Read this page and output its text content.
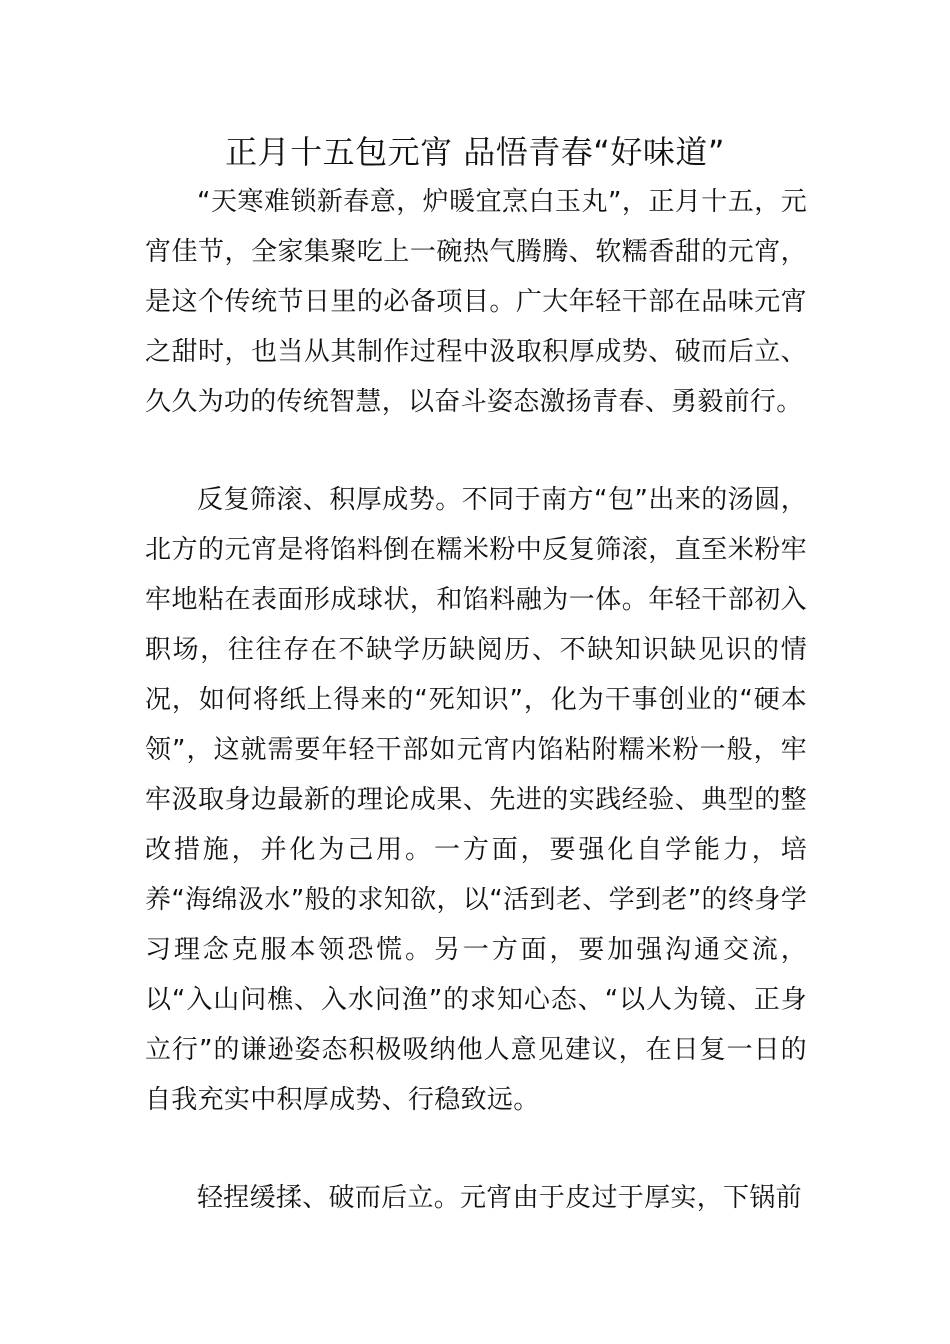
正月十五包元宵 品悟青春“好味道”

“天寒难锁新春意，炉暖宜烹白玉丸”，正月十五，元宵佳节，全家集聚吃上一碗热气腾腾、软糯香甜的元宵，是这个传统节日里的必备项目。广大年轻干部在品味元宵之甜时，也当从其制作过程中汲取积厚成势、破而后立、久久为功的传统智慧，以奋斗姿态激扬青春、勇毅前行。

反复筛滚、积厚成势。不同于南方“包”出来的汤圆，北方的元宵是将馅料倒在糯米粉中反复筛滚，直至米粉牢牢地粘在表面形成球状，和馅料融为一体。年轻干部初入职场，往往存在不缺学历缺阅历、不缺知识缺见识的情况，如何将纸上得来的“死知识”，化为干事创业的“硬本领”，这就需要年轻干部如元宵内馅粘附糯米粉一般，牢牢汲取身边最新的理论成果、先进的实践经验、典型的整改措施，并化为己用。一方面，要强化自学能力，培养“海绵汲水”般的求知欲，以“活到老、学到老”的终身学习理念克服本领恐慌。另一方面，要加强沟通交流，以“入山问樵、入水问渔”的求知心态、“以人为镜、正身立行”的谦逊姿态积极吸纳他人意见建议，在日复一日的自我充实中积厚成势、行稳致远。

轻捏缓揉、破而后立。元宵由于皮过于厚实，下锅前
